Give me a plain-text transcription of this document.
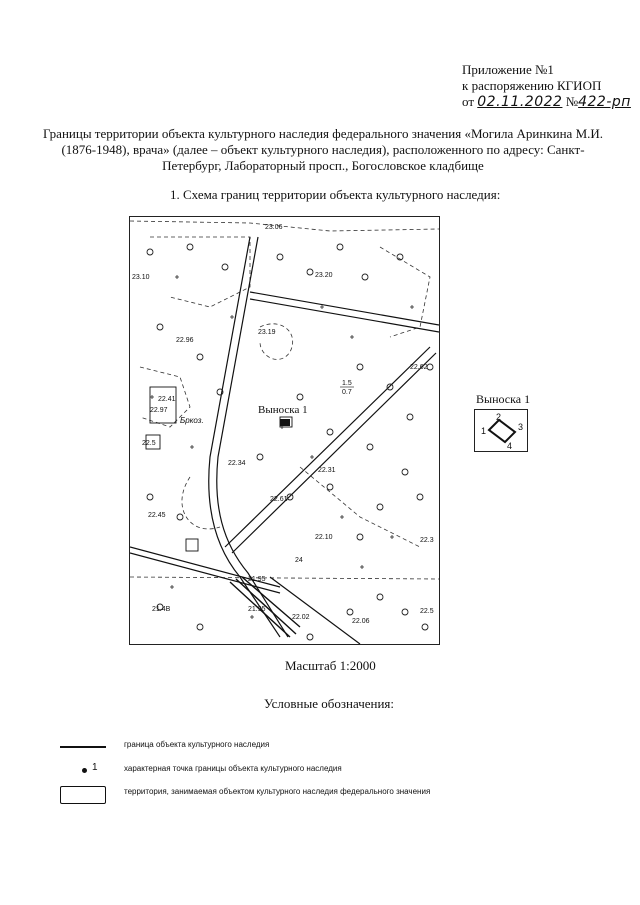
Приложение №1
к распоряжению КГИОП
от 02.11.2022 №422-рп
Границы территории объекта культурного наследия федерального значения «Могила Аринкина М.И. (1876-1948), врача» (далее – объект культурного наследия), расположенного по адресу: Санкт-Петербург, Лабораторный просп., Богословское кладбище
1. Схема границ территории объекта культурного наследия:
23.06
23.10	23.20
23.19
22.96
22.62
22.41
22.97
22.5
22.34
22.31
22.61
22.45
22.10	22.3
21.95
21.4В	21.95
22.02
22.06
22.5
1.5
0.7
Бркоз.
24
Выноска 1
Выноска 1
1
2
3
4
Масштаб 1:2000
Условные обозначения:
граница объекта культурного наследия
1	характерная точка границы объекта культурного наследия
территория, занимаемая объектом культурного наследия федерального значения
